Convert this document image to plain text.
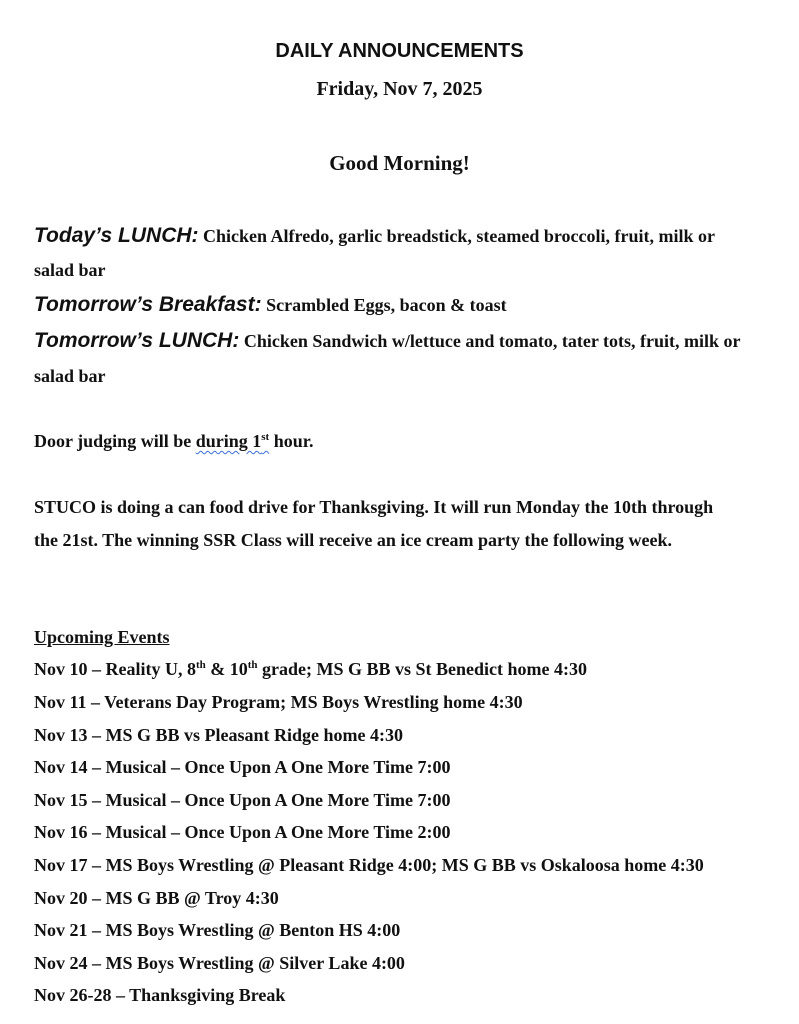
DAILY ANNOUNCEMENTS
Friday, Nov 7, 2025
Good Morning!
Today’s LUNCH: Chicken Alfredo, garlic breadstick, steamed broccoli, fruit, milk or
salad bar
Tomorrow’s Breakfast: Scrambled Eggs, bacon & toast
Tomorrow’s LUNCH: Chicken Sandwich w/lettuce and tomato, tater tots, fruit, milk or
salad bar
Door judging will be during 1st hour.
STUCO is doing a can food drive for Thanksgiving. It will run Monday the 10th through
the 21st. The winning SSR Class will receive an ice cream party the following week.
Upcoming Events
Nov 10 – Reality U, 8th & 10th grade; MS G BB vs St Benedict home 4:30
Nov 11 – Veterans Day Program; MS Boys Wrestling home 4:30
Nov 13 – MS G BB vs Pleasant Ridge home 4:30
Nov 14 – Musical – Once Upon A One More Time 7:00
Nov 15 – Musical – Once Upon A One More Time 7:00
Nov 16 – Musical – Once Upon A One More Time 2:00
Nov 17 – MS Boys Wrestling @ Pleasant Ridge 4:00; MS G BB vs Oskaloosa home 4:30
Nov 20 – MS G BB @ Troy 4:30
Nov 21 – MS Boys Wrestling @ Benton HS 4:00
Nov 24 – MS Boys Wrestling @ Silver Lake 4:00
Nov 26-28 – Thanksgiving Break
